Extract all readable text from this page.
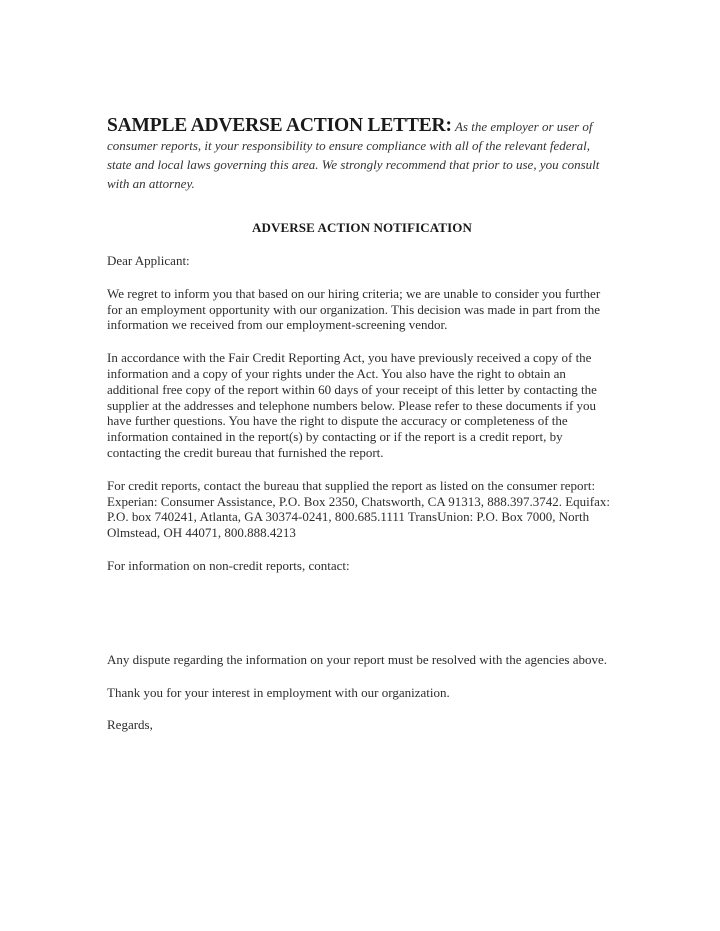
SAMPLE ADVERSE ACTION LETTER: As the employer or user of consumer reports, it your responsibility to ensure compliance with all of the relevant federal, state and local laws governing this area. We strongly recommend that prior to use, you consult with an attorney.

ADVERSE ACTION NOTIFICATION

Dear Applicant:

We regret to inform you that based on our hiring criteria; we are unable to consider you further for an employment opportunity with our organization. This decision was made in part from the information we received from our employment-screening vendor.

In accordance with the Fair Credit Reporting Act, you have previously received a copy of the information and a copy of your rights under the Act. You also have the right to obtain an additional free copy of the report within 60 days of your receipt of this letter by contacting the supplier at the addresses and telephone numbers below. Please refer to these documents if you have further questions. You have the right to dispute the accuracy or completeness of the information contained in the report(s) by contacting or if the report is a credit report, by contacting the credit bureau that furnished the report.

For credit reports, contact the bureau that supplied the report as listed on the consumer report: Experian: Consumer Assistance, P.O. Box 2350, Chatsworth, CA 91313, 888.397.3742. Equifax: P.O. box 740241, Atlanta, GA 30374-0241, 800.685.1111 TransUnion: P.O. Box 7000, North Olmstead, OH 44071, 800.888.4213

For information on non-credit reports, contact:

Any dispute regarding the information on your report must be resolved with the agencies above.

Thank you for your interest in employment with our organization.

Regards,
